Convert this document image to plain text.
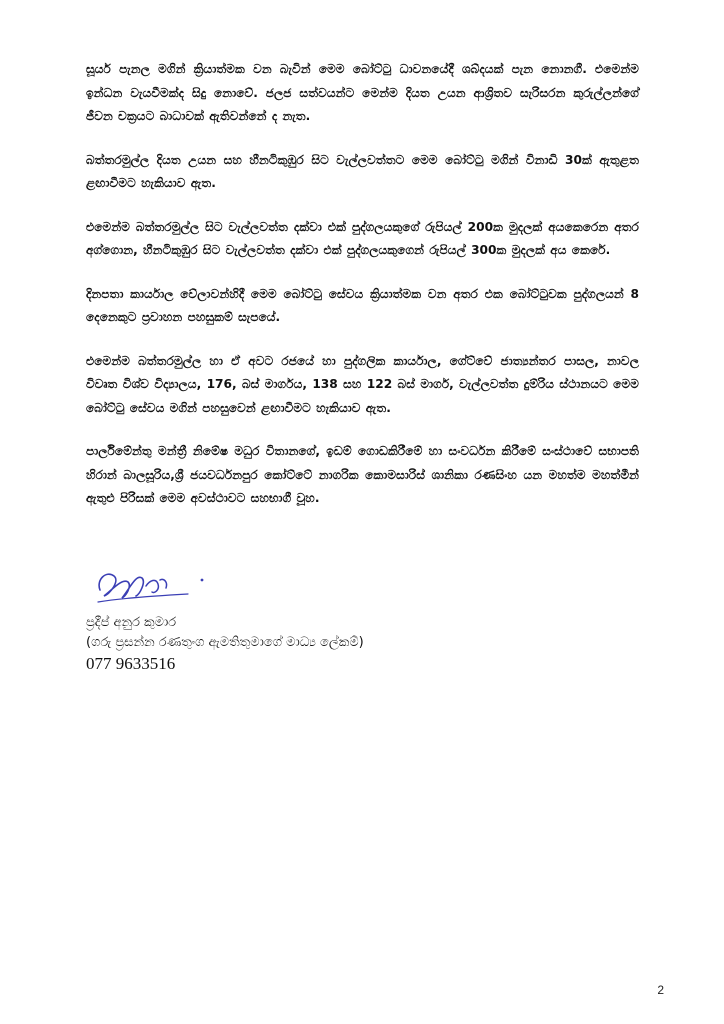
සූර්ය පැනල මගින් ක්‍රියාත්මක වන බැවින් මෙම බෝට්ටු ධාවනයේදී ශබ්දයක් පැන නොනගී. එමෙන්ම ඉන්ධන වැයවීමක්ද සිදු නොවේ. ජලජ සත්වයන්ට මෙන්ම දියත උයන ආශ්‍රිතව සැරිසරන කුරුල්ලන්ගේ ජීවන චක්‍රයට බාධාවක් ඇතිවන්නේ ද නැත.

බත්තරමුල්ල දියත උයන සහ හීනටිකුඹුර සිට වැල්ලවත්තට මෙම බෝට්ටු මගින් විනාඩි 30ක් ඇතුළත ළඟාවීමට හැකියාව ඇත.

එමෙන්ම බත්තරමුල්ල සිට වැල්ලවත්ත දක්වා එක් පුද්ගලයකුගේ රුපියල් 200ක මුදලක් අයකෙරෙන අතර අග්ගොන, හීනටිකුඹුර සිට වැල්ලවත්ත දක්වා එක් පුද්ගලයකුගෙන් රුපියල් 300ක මුදලක් අය කෙරේ.

දිනපතා කාර්යාල වේලාවන්හිදී මෙම බෝට්ටු සේවය ක්‍රියාත්මක වන අතර එක බෝට්ටුවක පුද්ගලයන් 8 දෙනෙකුට ප්‍රවාහන පහසුකම් සැපයේ.

එමෙන්ම බත්තරමුල්ල හා ඒ අවට රජයේ හා පුද්ගලික කාර්යාල, ගේට්වේ ජාත්‍යන්තර පාසල, නාවල විවෘත විශ්ව විද්‍යාලය, 176, බස් මාර්ගය, 138 සහ 122 බස් මාර්ග, වැල්ලවත්ත දුම්රිය ස්ථානයට මෙම බෝට්ටු සේවය මගින් පහසුවෙන් ළඟාවීමට හැකියාව ඇත.

පාර්ලිමේන්තු මන්ත්‍රී නිමේෂ මධුර විතානගේ, ඉඩම් ගොඩකිරීමේ හා සංවර්ධන කිරීමේ සංස්ථාවේ සභාපති හිරාන් බාලසූරිය,ශ්‍රී ජයවර්ධනපුර කෝට්ටේ නාගරික කොමසාරිස් ශානිකා රණසිංහ යන මහත්ම මහත්මීන් ඇතුළු පිරිසක් මෙම අවස්ථාවට සහභාගී වූහ.

ප්‍රදීප් අනුර කුමාර

(ගරු ප්‍රසන්න රණතුංග ඇමතිතුමාගේ මාධ්‍ය ලේකම්)

077 9633516

2
